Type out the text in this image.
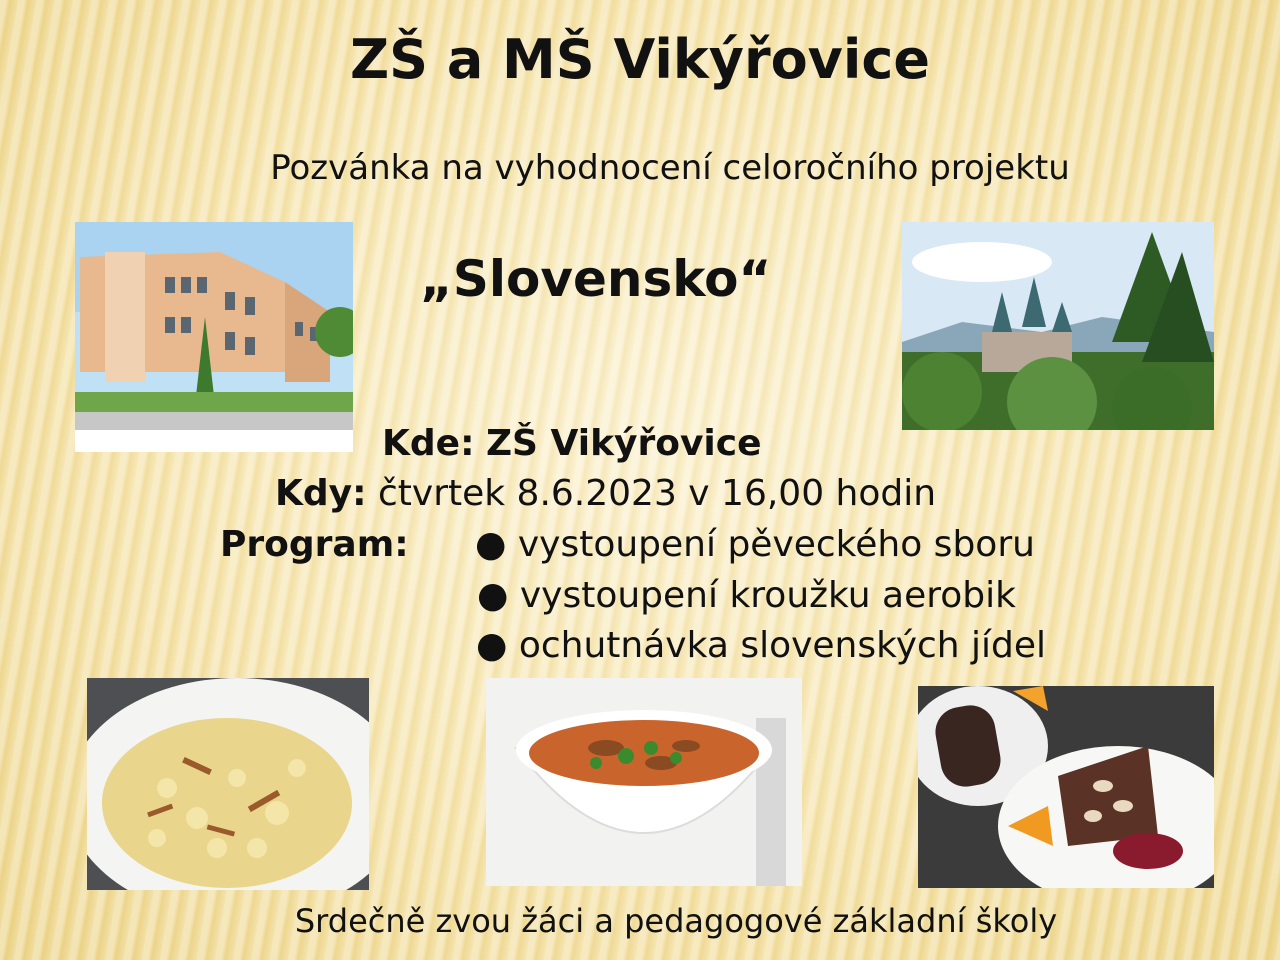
ZŠ a MŠ Vikýřovice
Pozvánka na vyhodnocení celoročního projektu
„Slovensko“
Kde: ZŠ Vikýřovice
Kdy: čtvrtek 8.6.2023 v 16,00 hodin
Program: ● vystoupení pěveckého sboru
● vystoupení kroužku aerobik
● ochutnávka slovenských jídel
Srdečně zvou žáci a pedagogové základní školy
